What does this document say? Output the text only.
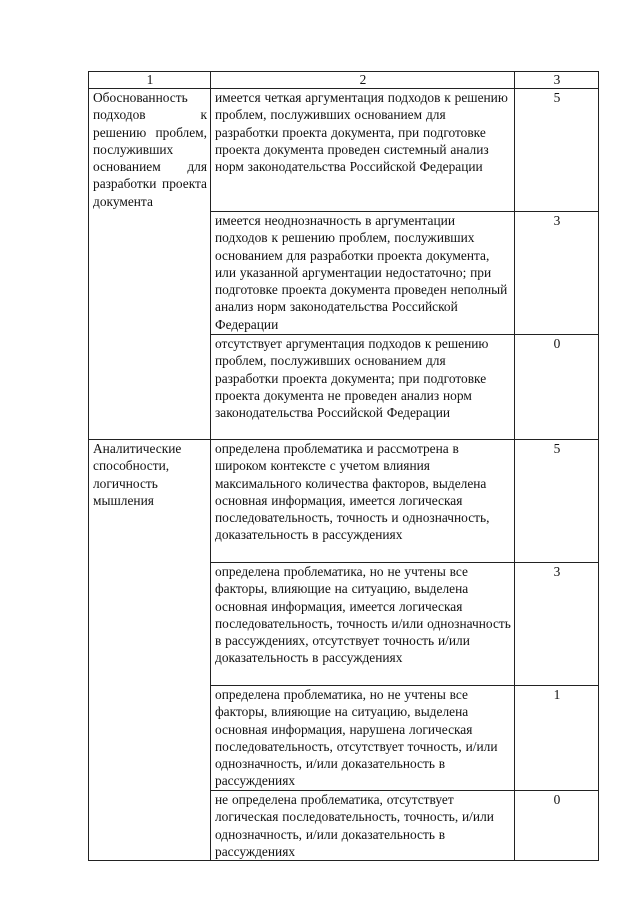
1	2	3
Обоснованность подходов к решению проблем, послуживших основанием для разработки проекта документа	имеется четкая аргументация подходов к решению проблем, послуживших основанием для разработки проекта документа, при подготовке проекта документа проведен системный анализ норм законодательства Российской Федерации	5
	имеется неоднозначность в аргументации подходов к решению проблем, послуживших основанием для разработки проекта документа, или указанной аргументации недостаточно; при подготовке проекта документа проведен неполный анализ норм законодательства Российской Федерации	3
	отсутствует аргументация подходов к решению проблем, послуживших основанием для разработки проекта документа; при подготовке проекта документа не проведен анализ норм законодательства Российской Федерации	0
Аналитические способности, логичность мышления	определена проблематика и рассмотрена в широком контексте с учетом влияния максимального количества факторов, выделена основная информация, имеется логическая последовательность, точность и однозначность, доказательность в рассуждениях	5
	определена проблематика, но не учтены все факторы, влияющие на ситуацию, выделена основная информация, имеется логическая последовательность, точность и/или однозначность в рассуждениях, отсутствует точность и/или доказательность в рассуждениях	3
	определена проблематика, но не учтены все факторы, влияющие на ситуацию, выделена основная информация, нарушена логическая последовательность, отсутствует точность, и/или однозначность, и/или доказательность в рассуждениях	1
	не определена проблематика, отсутствует логическая последовательность, точность, и/или однозначность, и/или доказательность в рассуждениях	0
